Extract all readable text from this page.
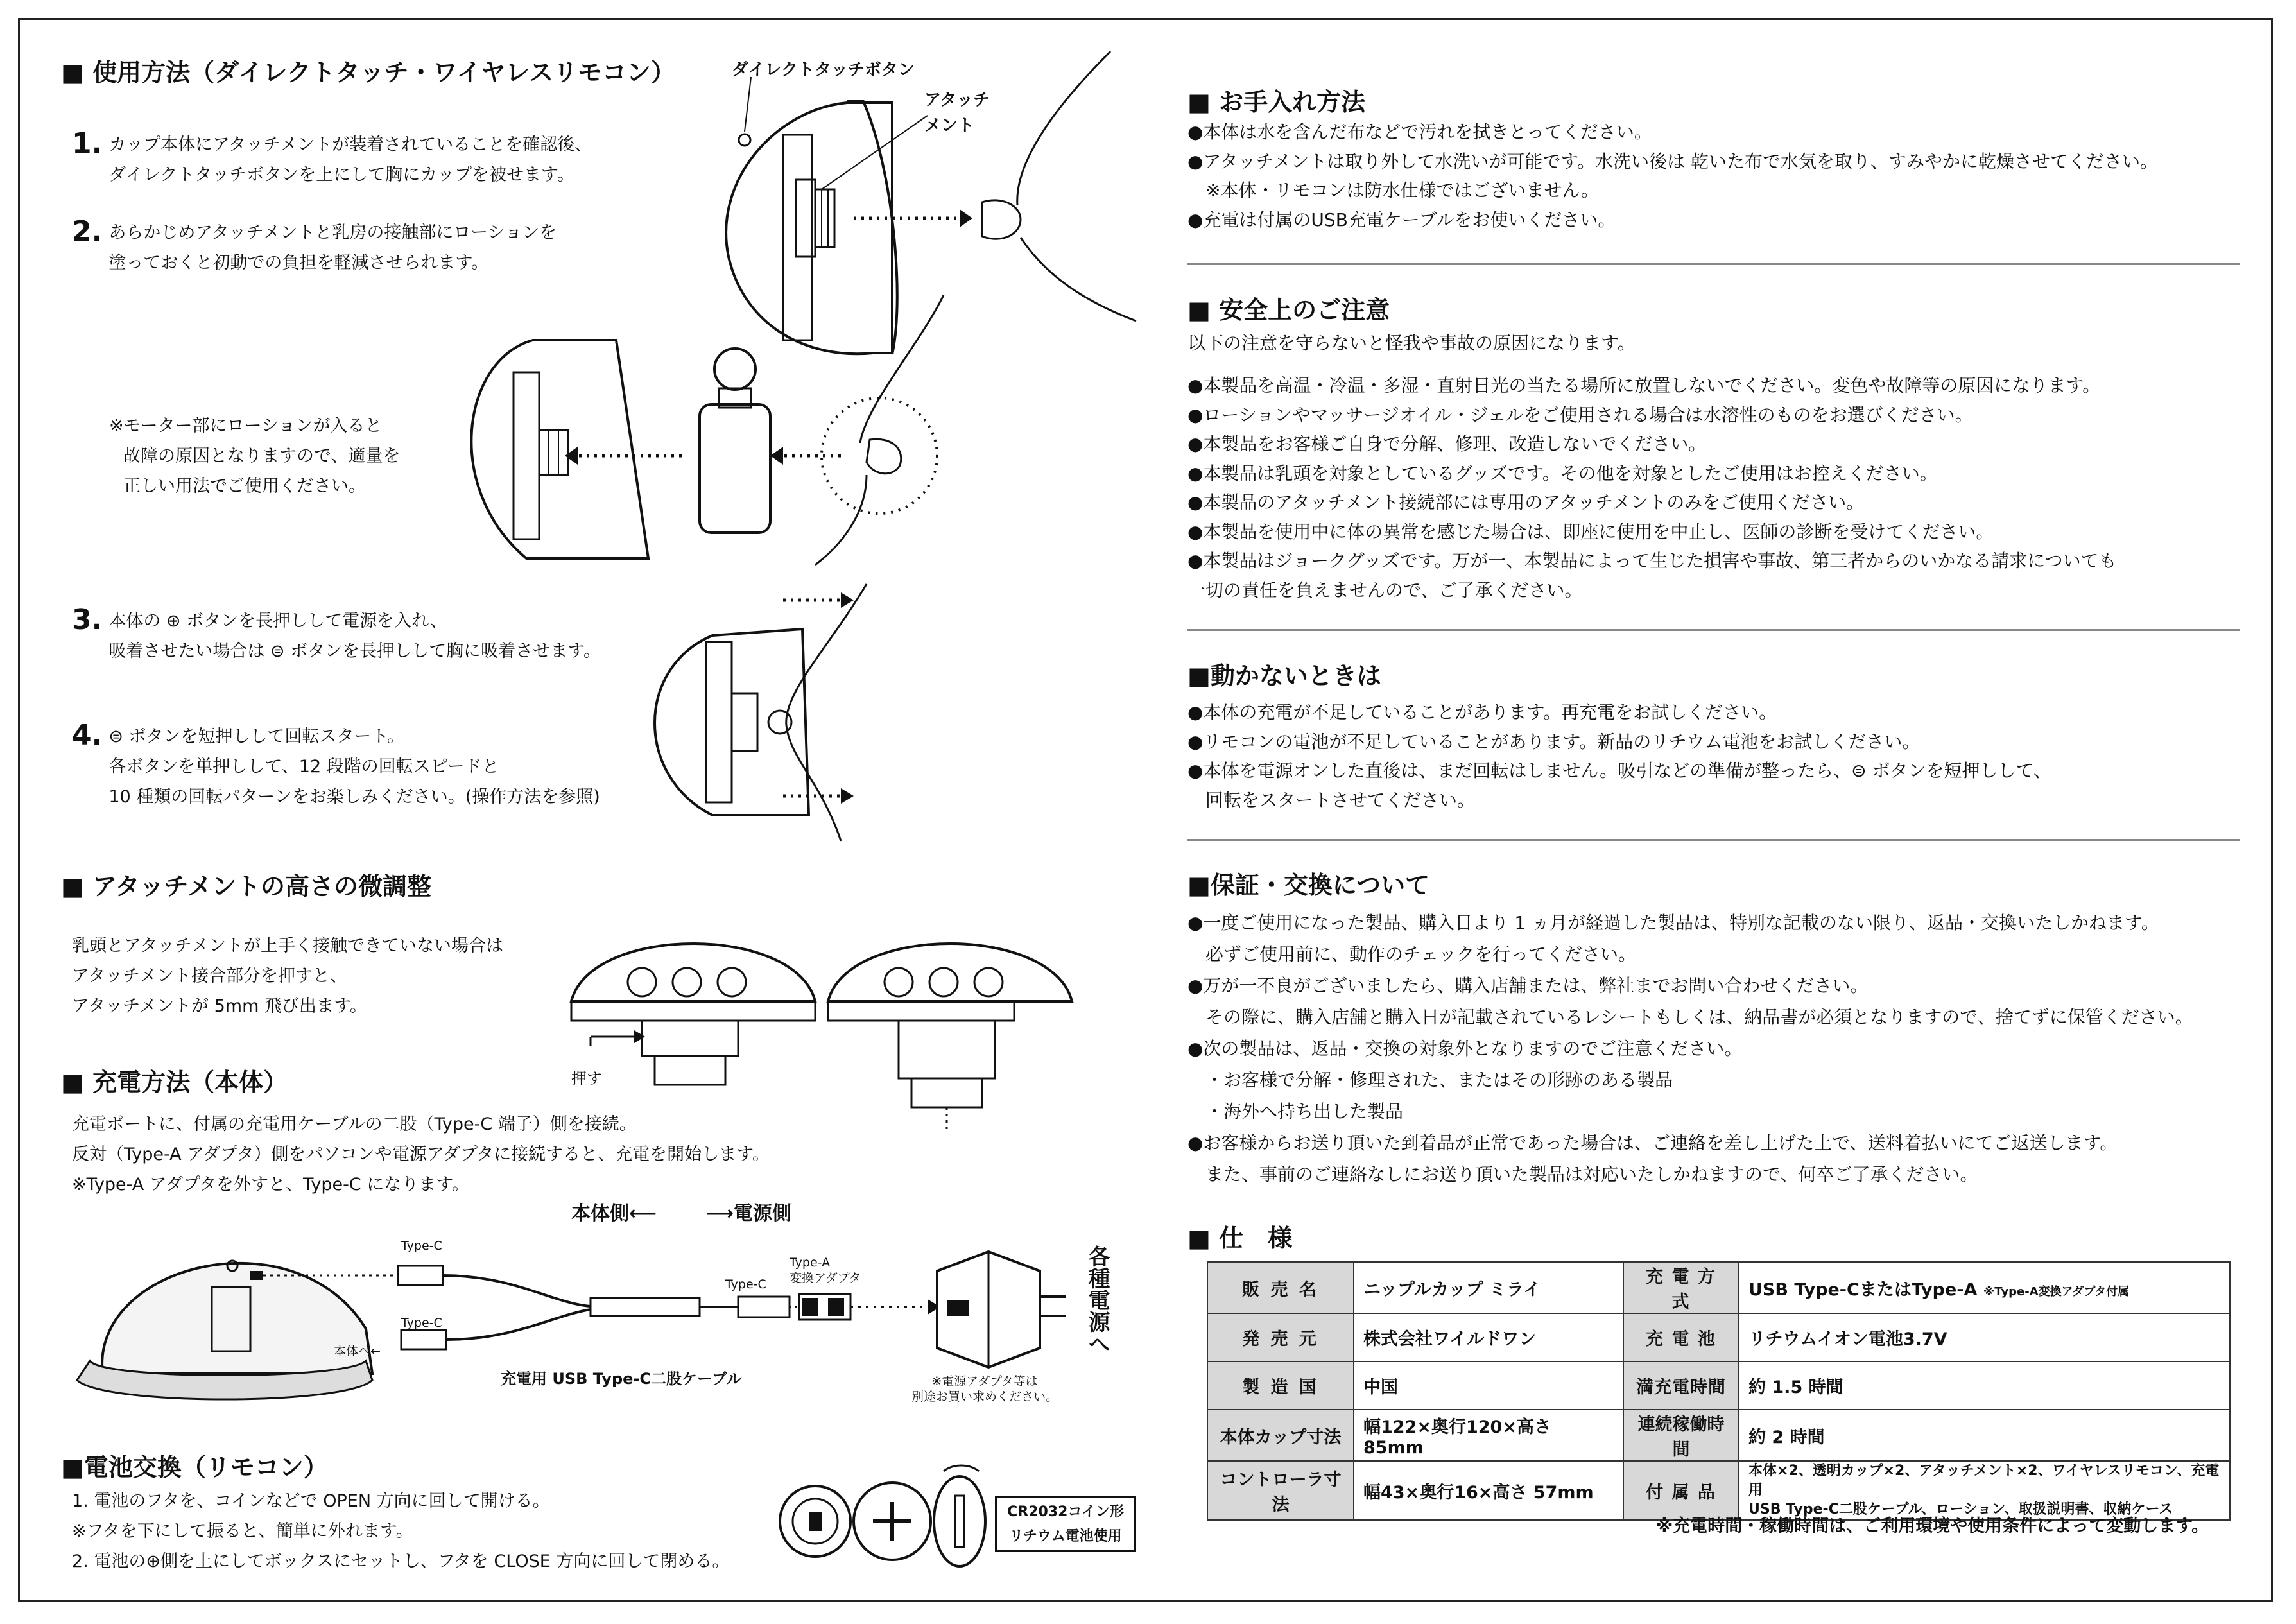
■ 使用方法（ダイレクトタッチ・ワイヤレスリモコン）	ダイレクトタッチボタン
アタッチ
メント
1. カップ本体にアタッチメントが装着されていることを確認後、
ダイレクトタッチボタンを上にして胸にカップを被せます。
2. あらかじめアタッチメントと乳房の接触部にローションを
塗っておくと初動での負担を軽減させられます。
※モーター部にローションが入ると
故障の原因となりますので、適量を
正しい用法でご使用ください。
3. 本体の ⊕ ボタンを長押しして電源を入れ、
吸着させたい場合は ⊜ ボタンを長押しして胸に吸着させます。
4. ⊜ ボタンを短押しして回転スタート。
各ボタンを単押しして、12 段階の回転スピードと
10 種類の回転パターンをお楽しみください。(操作方法を参照)
■ アタッチメントの高さの微調整
乳頭とアタッチメントが上手く接触できていない場合は
アタッチメント接合部分を押すと、
アタッチメントが 5mm 飛び出ます。
押す
■ 充電方法（本体）
充電ポートに、付属の充電用ケーブルの二股（Type-C 端子）側を接続。
反対（Type-A アダプタ）側をパソコンや電源アダプタに接続すると、充電を開始します。
※Type-A アダプタを外すと、Type-C になります。
本体側⟵	⟶電源側
Type-C
Type-C
Type-C
Type-A
変換アダプタ
本体へ←
充電用 USB Type-C二股ケーブル
各種電源へ
※電源アダプタ等は
別途お買い求めください。
■電池交換（リモコン）
1. 電池のフタを、コインなどで OPEN 方向に回して開ける。
※フタを下にして振ると、簡単に外れます。
2. 電池の⊕側を上にしてボックスにセットし、フタを CLOSE 方向に回して閉める。
CR2032コイン形
リチウム電池使用
■ お手入れ方法
●本体は水を含んだ布などで汚れを拭きとってください。
●アタッチメントは取り外して水洗いが可能です。水洗い後は 乾いた布で水気を取り、すみやかに乾燥させてください。
　※本体・リモコンは防水仕様ではございません。
●充電は付属のUSB充電ケーブルをお使いください。
■ 安全上のご注意
以下の注意を守らないと怪我や事故の原因になります。
●本製品を高温・冷温・多湿・直射日光の当たる場所に放置しないでください。変色や故障等の原因になります。
●ローションやマッサージオイル・ジェルをご使用される場合は水溶性のものをお選びください。
●本製品をお客様ご自身で分解、修理、改造しないでください。
●本製品は乳頭を対象としているグッズです。その他を対象としたご使用はお控えください。
●本製品のアタッチメント接続部には専用のアタッチメントのみをご使用ください。
●本製品を使用中に体の異常を感じた場合は、即座に使用を中止し、医師の診断を受けてください。
●本製品はジョークグッズです。万が一、本製品によって生じた損害や事故、第三者からのいかなる請求についても
一切の責任を負えませんので、ご了承ください。
■動かないときは
●本体の充電が不足していることがあります。再充電をお試しください。
●リモコンの電池が不足していることがあります。新品のリチウム電池をお試しください。
●本体を電源オンした直後は、まだ回転はしません。吸引などの準備が整ったら、⊜ ボタンを短押しして、
　回転をスタートさせてください。
■保証・交換について
●一度ご使用になった製品、購入日より 1 ヵ月が経過した製品は、特別な記載のない限り、返品・交換いたしかねます。
　必ずご使用前に、動作のチェックを行ってください。
●万が一不良がございましたら、購入店舗または、弊社までお問い合わせください。
　その際に、購入店舗と購入日が記載されているレシートもしくは、納品書が必須となりますので、捨てずに保管ください。
●次の製品は、返品・交換の対象外となりますのでご注意ください。
　・お客様で分解・修理された、またはその形跡のある製品
　・海外へ持ち出した製品
●お客様からお送り頂いた到着品が正常であった場合は、ご連絡を差し上げた上で、送料着払いにてご返送します。
　また、事前のご連絡なしにお送り頂いた製品は対応いたしかねますので、何卒ご了承ください。
■ 仕　様
販 売 名	ニップルカップ ミライ	充 電 方 式	USB Type-CまたはType-A ※Type-A変換アダプタ付属
発 売 元	株式会社ワイルドワン	充 電 池	リチウムイオン電池3.7V
製 造 国	中国	満充電時間	約 1.5 時間
本体カップ寸法	幅122×奥行120×高さ 85mm	連続稼働時間	約 2 時間
コントローラ寸法	幅43×奥行16×高さ 57mm	付 属 品	本体×2、透明カップ×2、アタッチメント×2、ワイヤレスリモコン、充電用
USB Type-C二股ケーブル、ローション、取扱説明書、収納ケース
※充電時間・稼働時間は、ご利用環境や使用条件によって変動します。
